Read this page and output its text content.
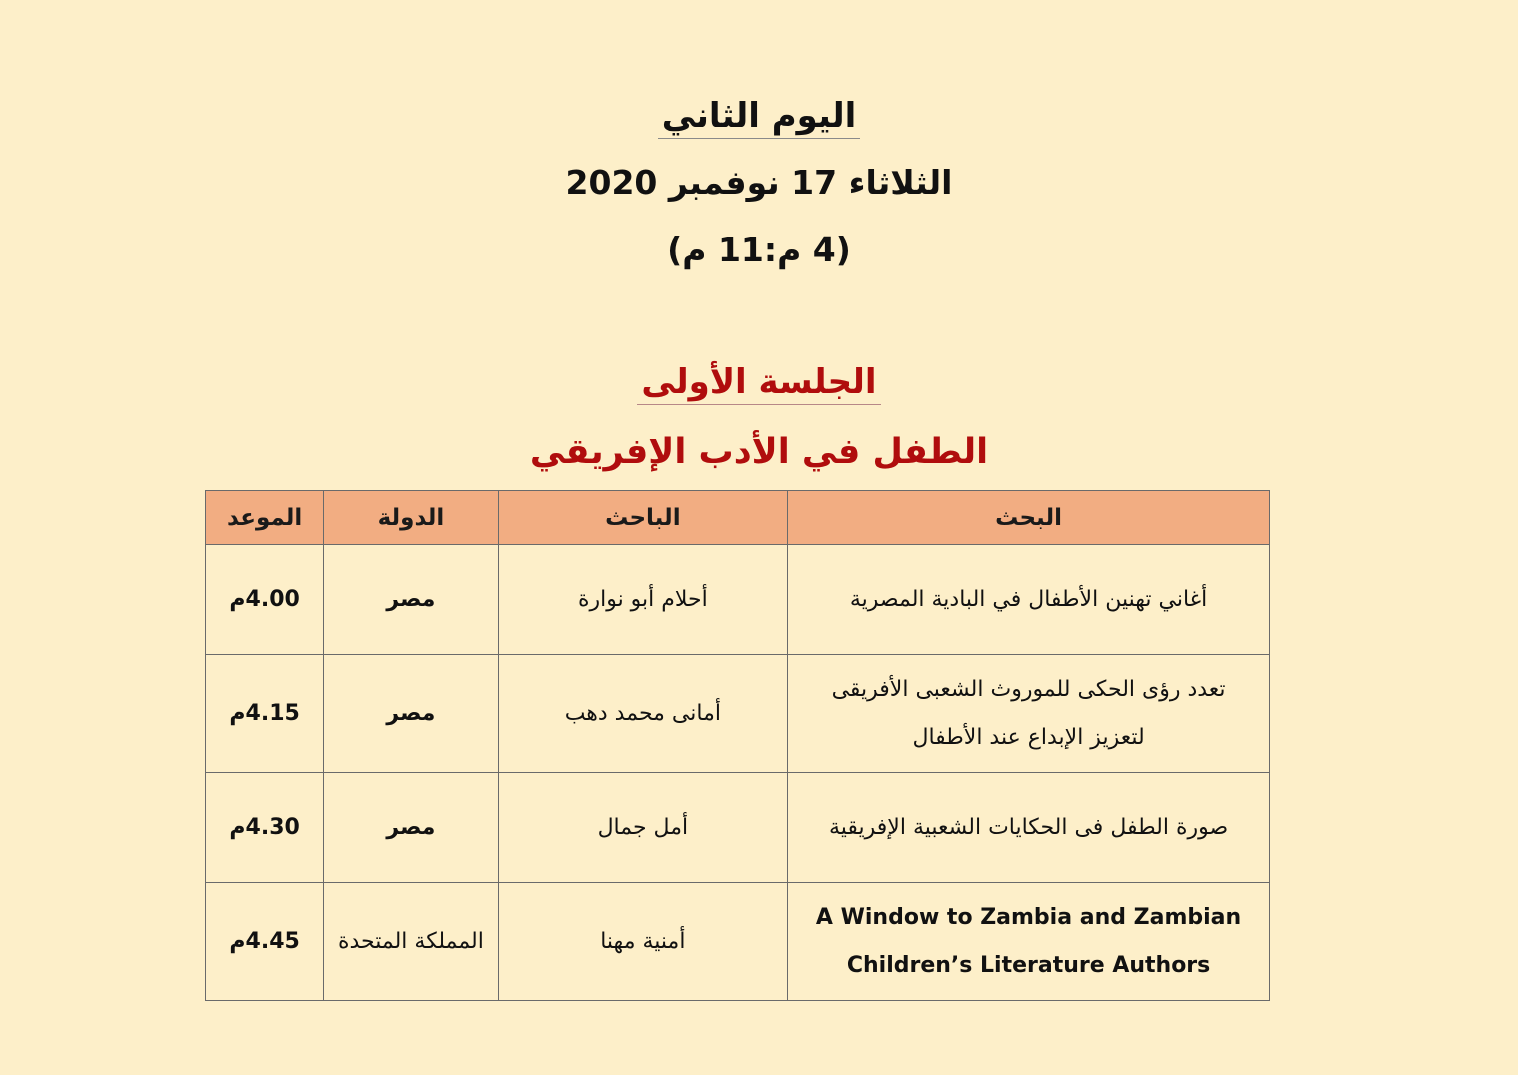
اليوم الثاني
الثلاثاء 17 نوفمبر 2020
(4 م:11 م)
الجلسة الأولى
الطفل في الأدب الإفريقي
البحث	الباحث	الدولة	الموعد

أغاني تهنين الأطفال في البادية المصرية	أحلام أبو نوارة	مصر	4.00م

تعدد رؤى الحكى للموروث الشعبى الأفريقى
لتعزيز الإبداع عند الأطفال	أمانى محمد دهب	مصر	4.15م

صورة الطفل فى الحكايات الشعبية الإفريقية	أمل جمال	مصر	4.30م

A Window to Zambia and Zambian
Children’s Literature Authors	أمنية مهنا	المملكة المتحدة	4.45م
